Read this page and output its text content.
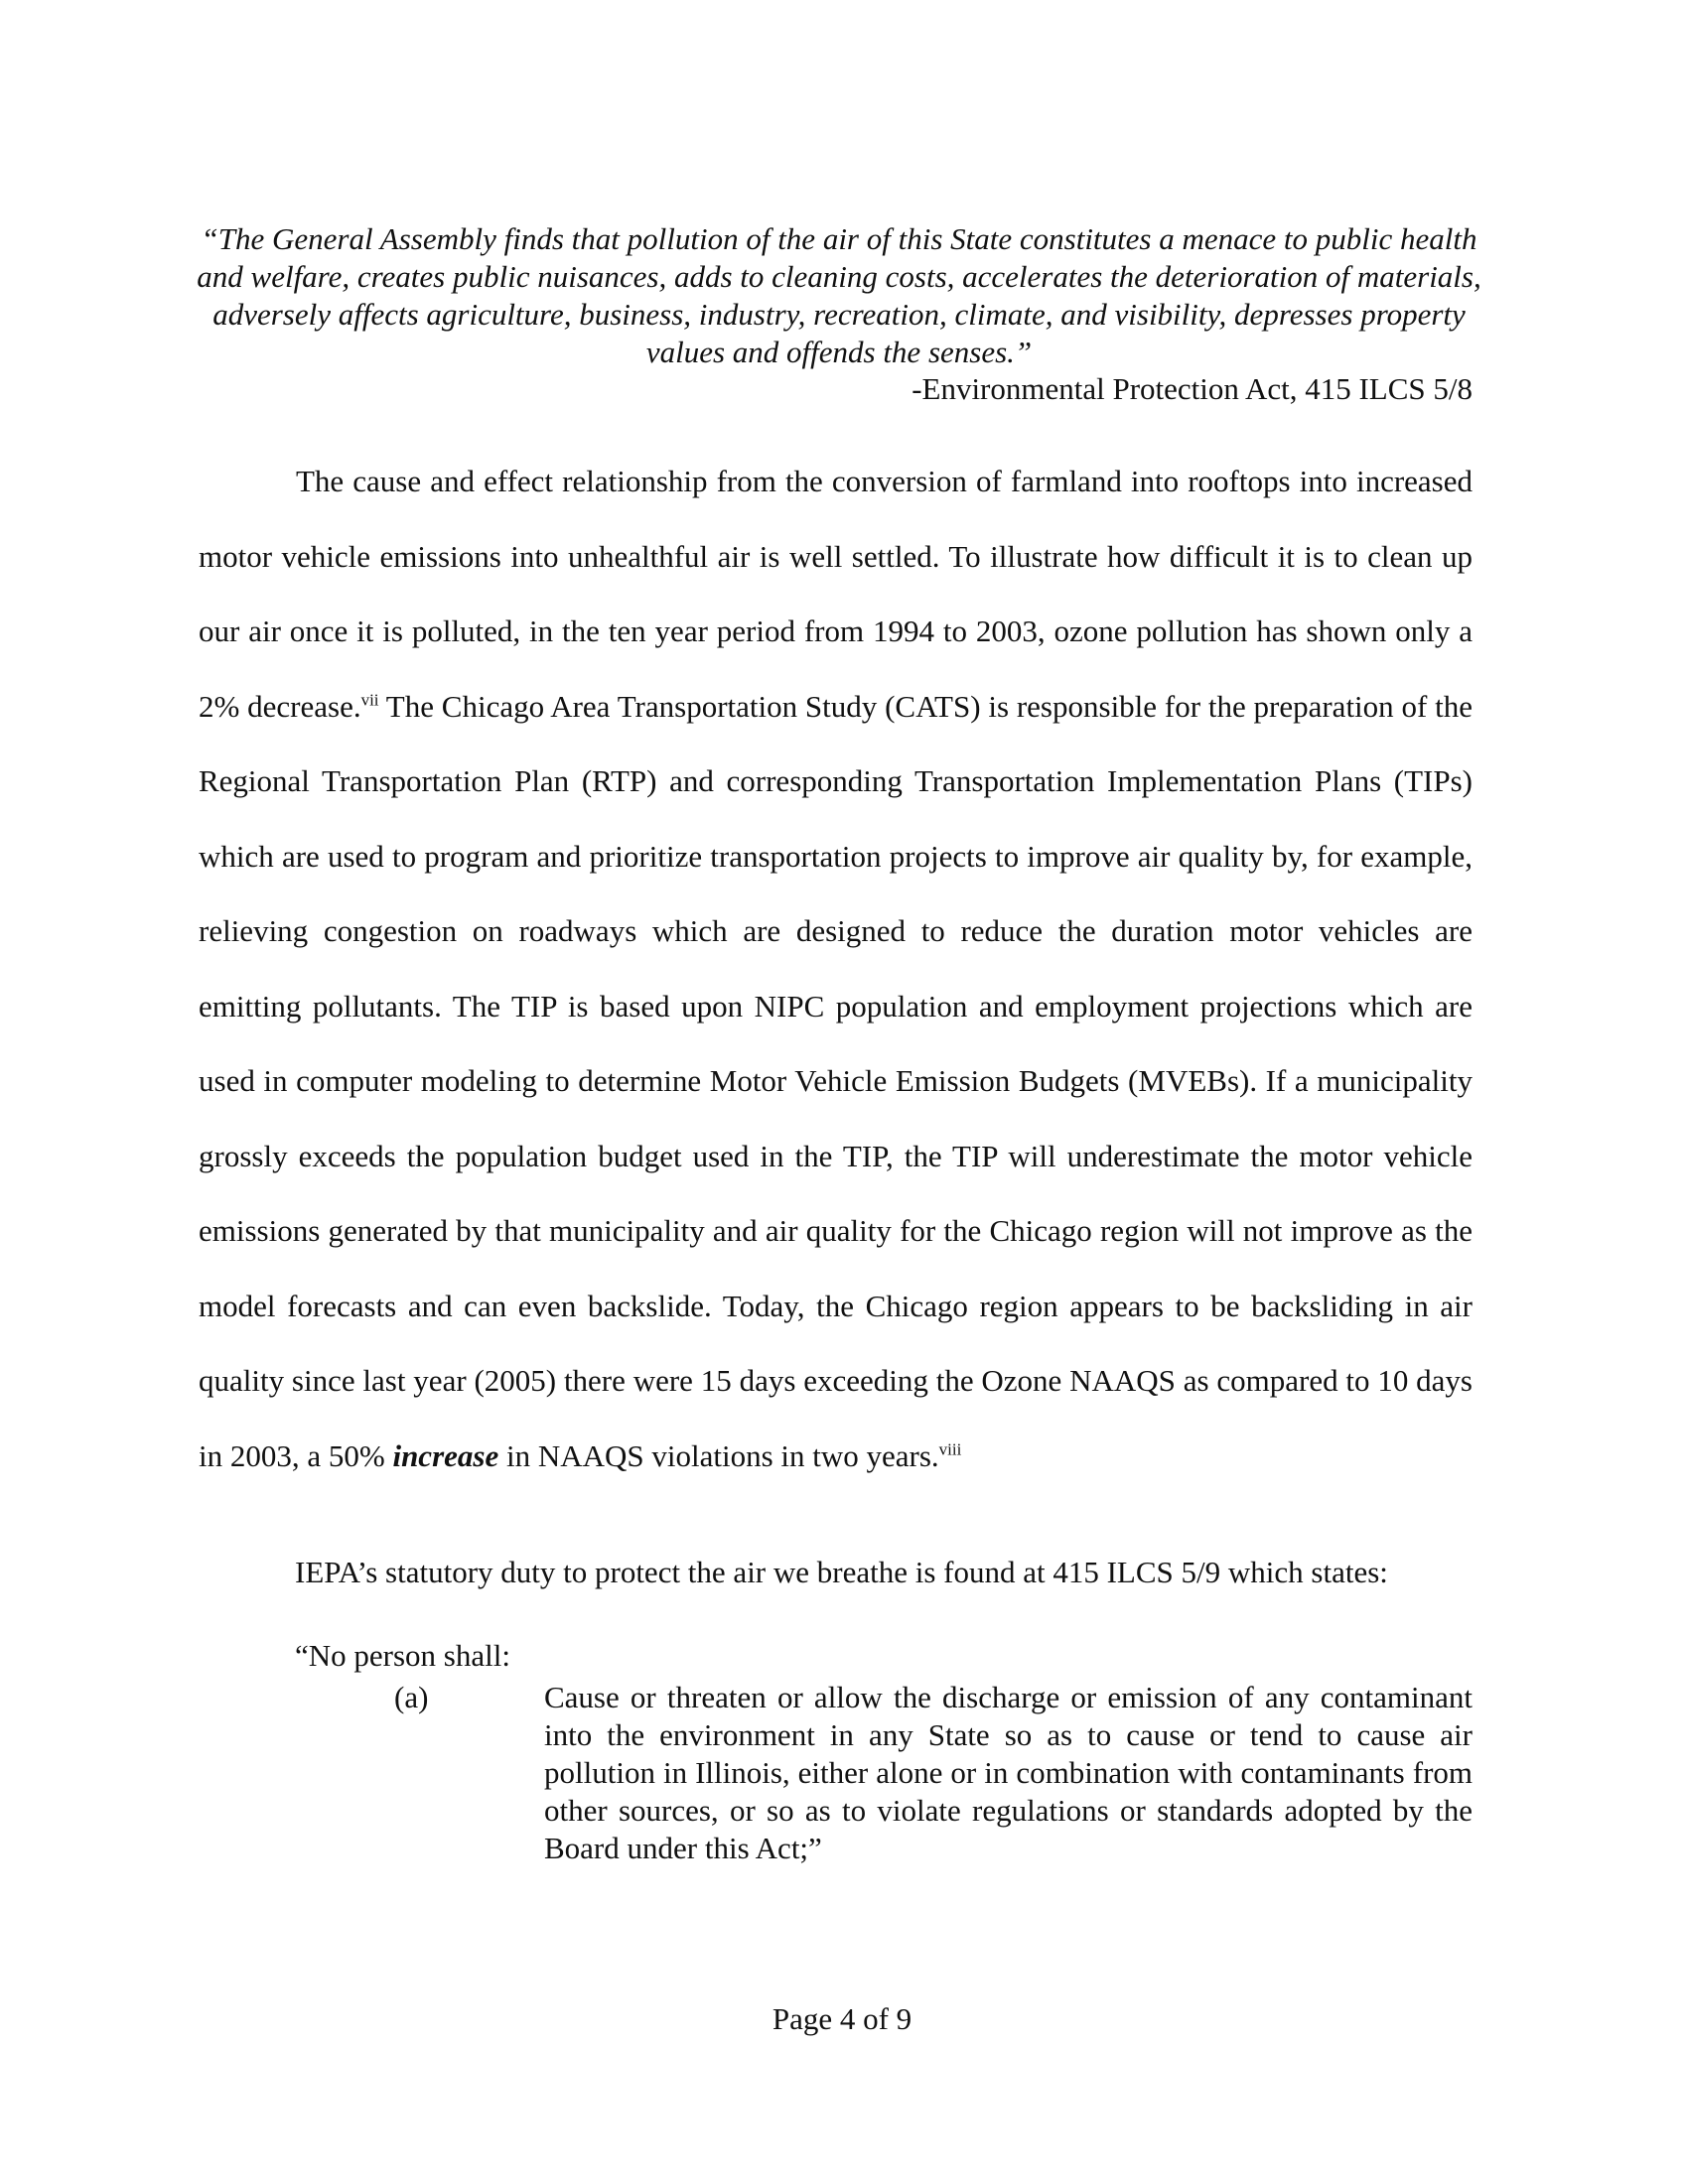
“The General Assembly finds that pollution of the air of this State constitutes a menace to public health and welfare, creates public nuisances, adds to cleaning costs, accelerates the deterioration of materials, adversely affects agriculture, business, industry, recreation, climate, and visibility, depresses property values and offends the senses.”
-Environmental Protection Act, 415 ILCS 5/8

The cause and effect relationship from the conversion of farmland into rooftops into increased motor vehicle emissions into unhealthful air is well settled. To illustrate how difficult it is to clean up our air once it is polluted, in the ten year period from 1994 to 2003, ozone pollution has shown only a 2% decrease.$^{vii}$ The Chicago Area Transportation Study (CATS) is responsible for the preparation of the Regional Transportation Plan (RTP) and corresponding Transportation Implementation Plans (TIPs) which are used to program and prioritize transportation projects to improve air quality by, for example, relieving congestion on roadways which are designed to reduce the duration motor vehicles are emitting pollutants. The TIP is based upon NIPC population and employment projections which are used in computer modeling to determine Motor Vehicle Emission Budgets (MVEBs). If a municipality grossly exceeds the population budget used in the TIP, the TIP will underestimate the motor vehicle emissions generated by that municipality and air quality for the Chicago region will not improve as the model forecasts and can even backslide. Today, the Chicago region appears to be backsliding in air quality since last year (2005) there were 15 days exceeding the Ozone NAAQS as compared to 10 days in 2003, a 50% increase in NAAQS violations in two years.$^{viii}$

IEPA’s statutory duty to protect the air we breathe is found at 415 ILCS 5/9 which states:

“No person shall:
(a)	Cause or threaten or allow the discharge or emission of any contaminant into the environment in any State so as to cause or tend to cause air pollution in Illinois, either alone or in combination with contaminants from other sources, or so as to violate regulations or standards adopted by the Board under this Act;”

Page 4 of 9
